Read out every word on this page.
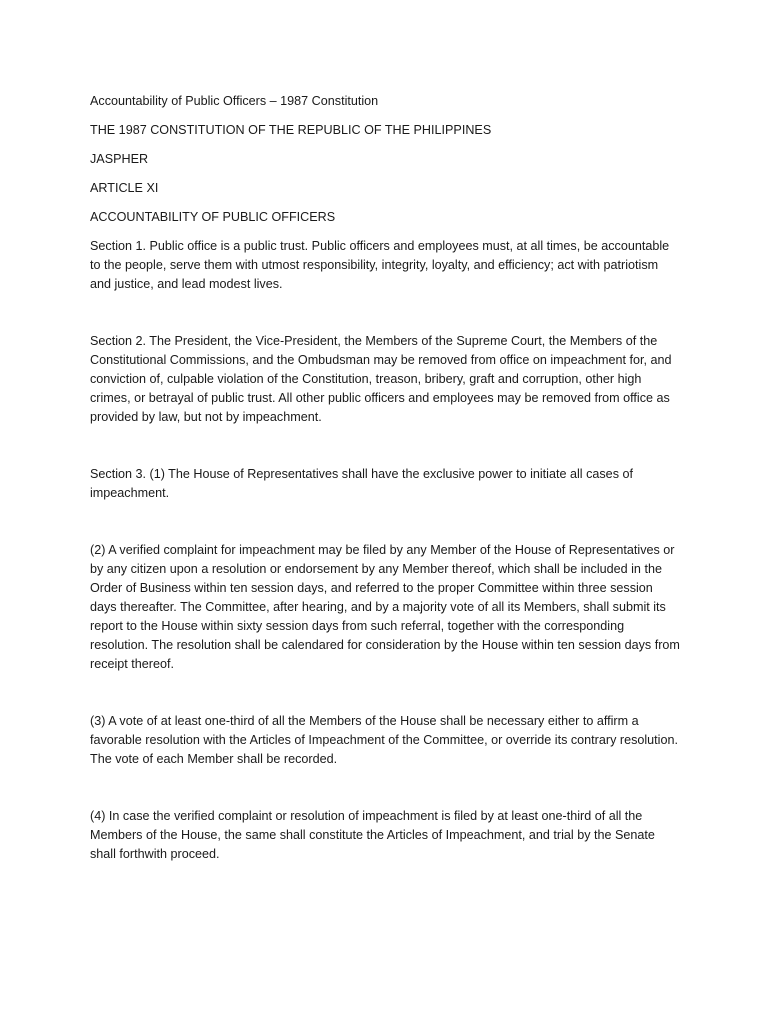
Accountability of Public Officers – 1987 Constitution

THE 1987 CONSTITUTION OF THE REPUBLIC OF THE PHILIPPINES

JASPHER

ARTICLE XI

ACCOUNTABILITY OF PUBLIC OFFICERS

Section 1. Public office is a public trust. Public officers and employees must, at all times, be accountable to the people, serve them with utmost responsibility, integrity, loyalty, and efficiency; act with patriotism and justice, and lead modest lives.

Section 2. The President, the Vice-President, the Members of the Supreme Court, the Members of the Constitutional Commissions, and the Ombudsman may be removed from office on impeachment for, and conviction of, culpable violation of the Constitution, treason, bribery, graft and corruption, other high crimes, or betrayal of public trust. All other public officers and employees may be removed from office as provided by law, but not by impeachment.

Section 3. (1) The House of Representatives shall have the exclusive power to initiate all cases of impeachment.

(2) A verified complaint for impeachment may be filed by any Member of the House of Representatives or by any citizen upon a resolution or endorsement by any Member thereof, which shall be included in the Order of Business within ten session days, and referred to the proper Committee within three session days thereafter. The Committee, after hearing, and by a majority vote of all its Members, shall submit its report to the House within sixty session days from such referral, together with the corresponding resolution. The resolution shall be calendared for consideration by the House within ten session days from receipt thereof.

(3) A vote of at least one-third of all the Members of the House shall be necessary either to affirm a favorable resolution with the Articles of Impeachment of the Committee, or override its contrary resolution. The vote of each Member shall be recorded.

(4) In case the verified complaint or resolution of impeachment is filed by at least one-third of all the Members of the House, the same shall constitute the Articles of Impeachment, and trial by the Senate shall forthwith proceed.
